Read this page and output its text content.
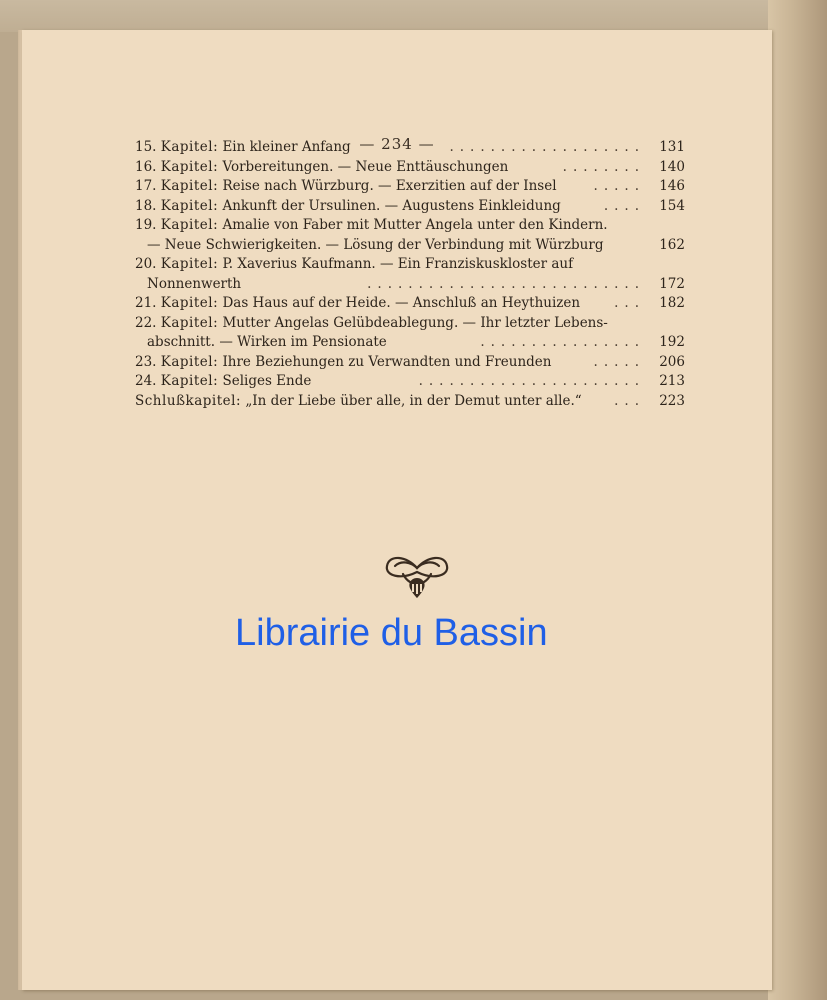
— 234 —
15. Kapitel: Ein kleiner Anfang	...................	131
16. Kapitel: Vorbereitungen. — Neue Enttäuschungen	........	140
17. Kapitel: Reise nach Würzburg. — Exerzitien auf der Insel	.....	146
18. Kapitel: Ankunft der Ursulinen. — Augustens Einkleidung	....	154
19. Kapitel: Amalie von Faber mit Mutter Angela unter den Kindern.
— Neue Schwierigkeiten. — Lösung der Verbindung mit Würzburg	162
20. Kapitel: P. Xaverius Kaufmann. — Ein Franziskuskloster auf
Nonnenwerth	...........................	172
21. Kapitel: Das Haus auf der Heide. — Anschluß an Heythuizen	...	182
22. Kapitel: Mutter Angelas Gelübdeablegung. — Ihr letzter Lebens-
abschnitt. — Wirken im Pensionate	................	192
23. Kapitel: Ihre Beziehungen zu Verwandten und Freunden	.....	206
24. Kapitel: Seliges Ende	......................	213
Schlußkapitel: „In der Liebe über alle, in der Demut unter alle.“ ...	223
Librairie du Bassin
